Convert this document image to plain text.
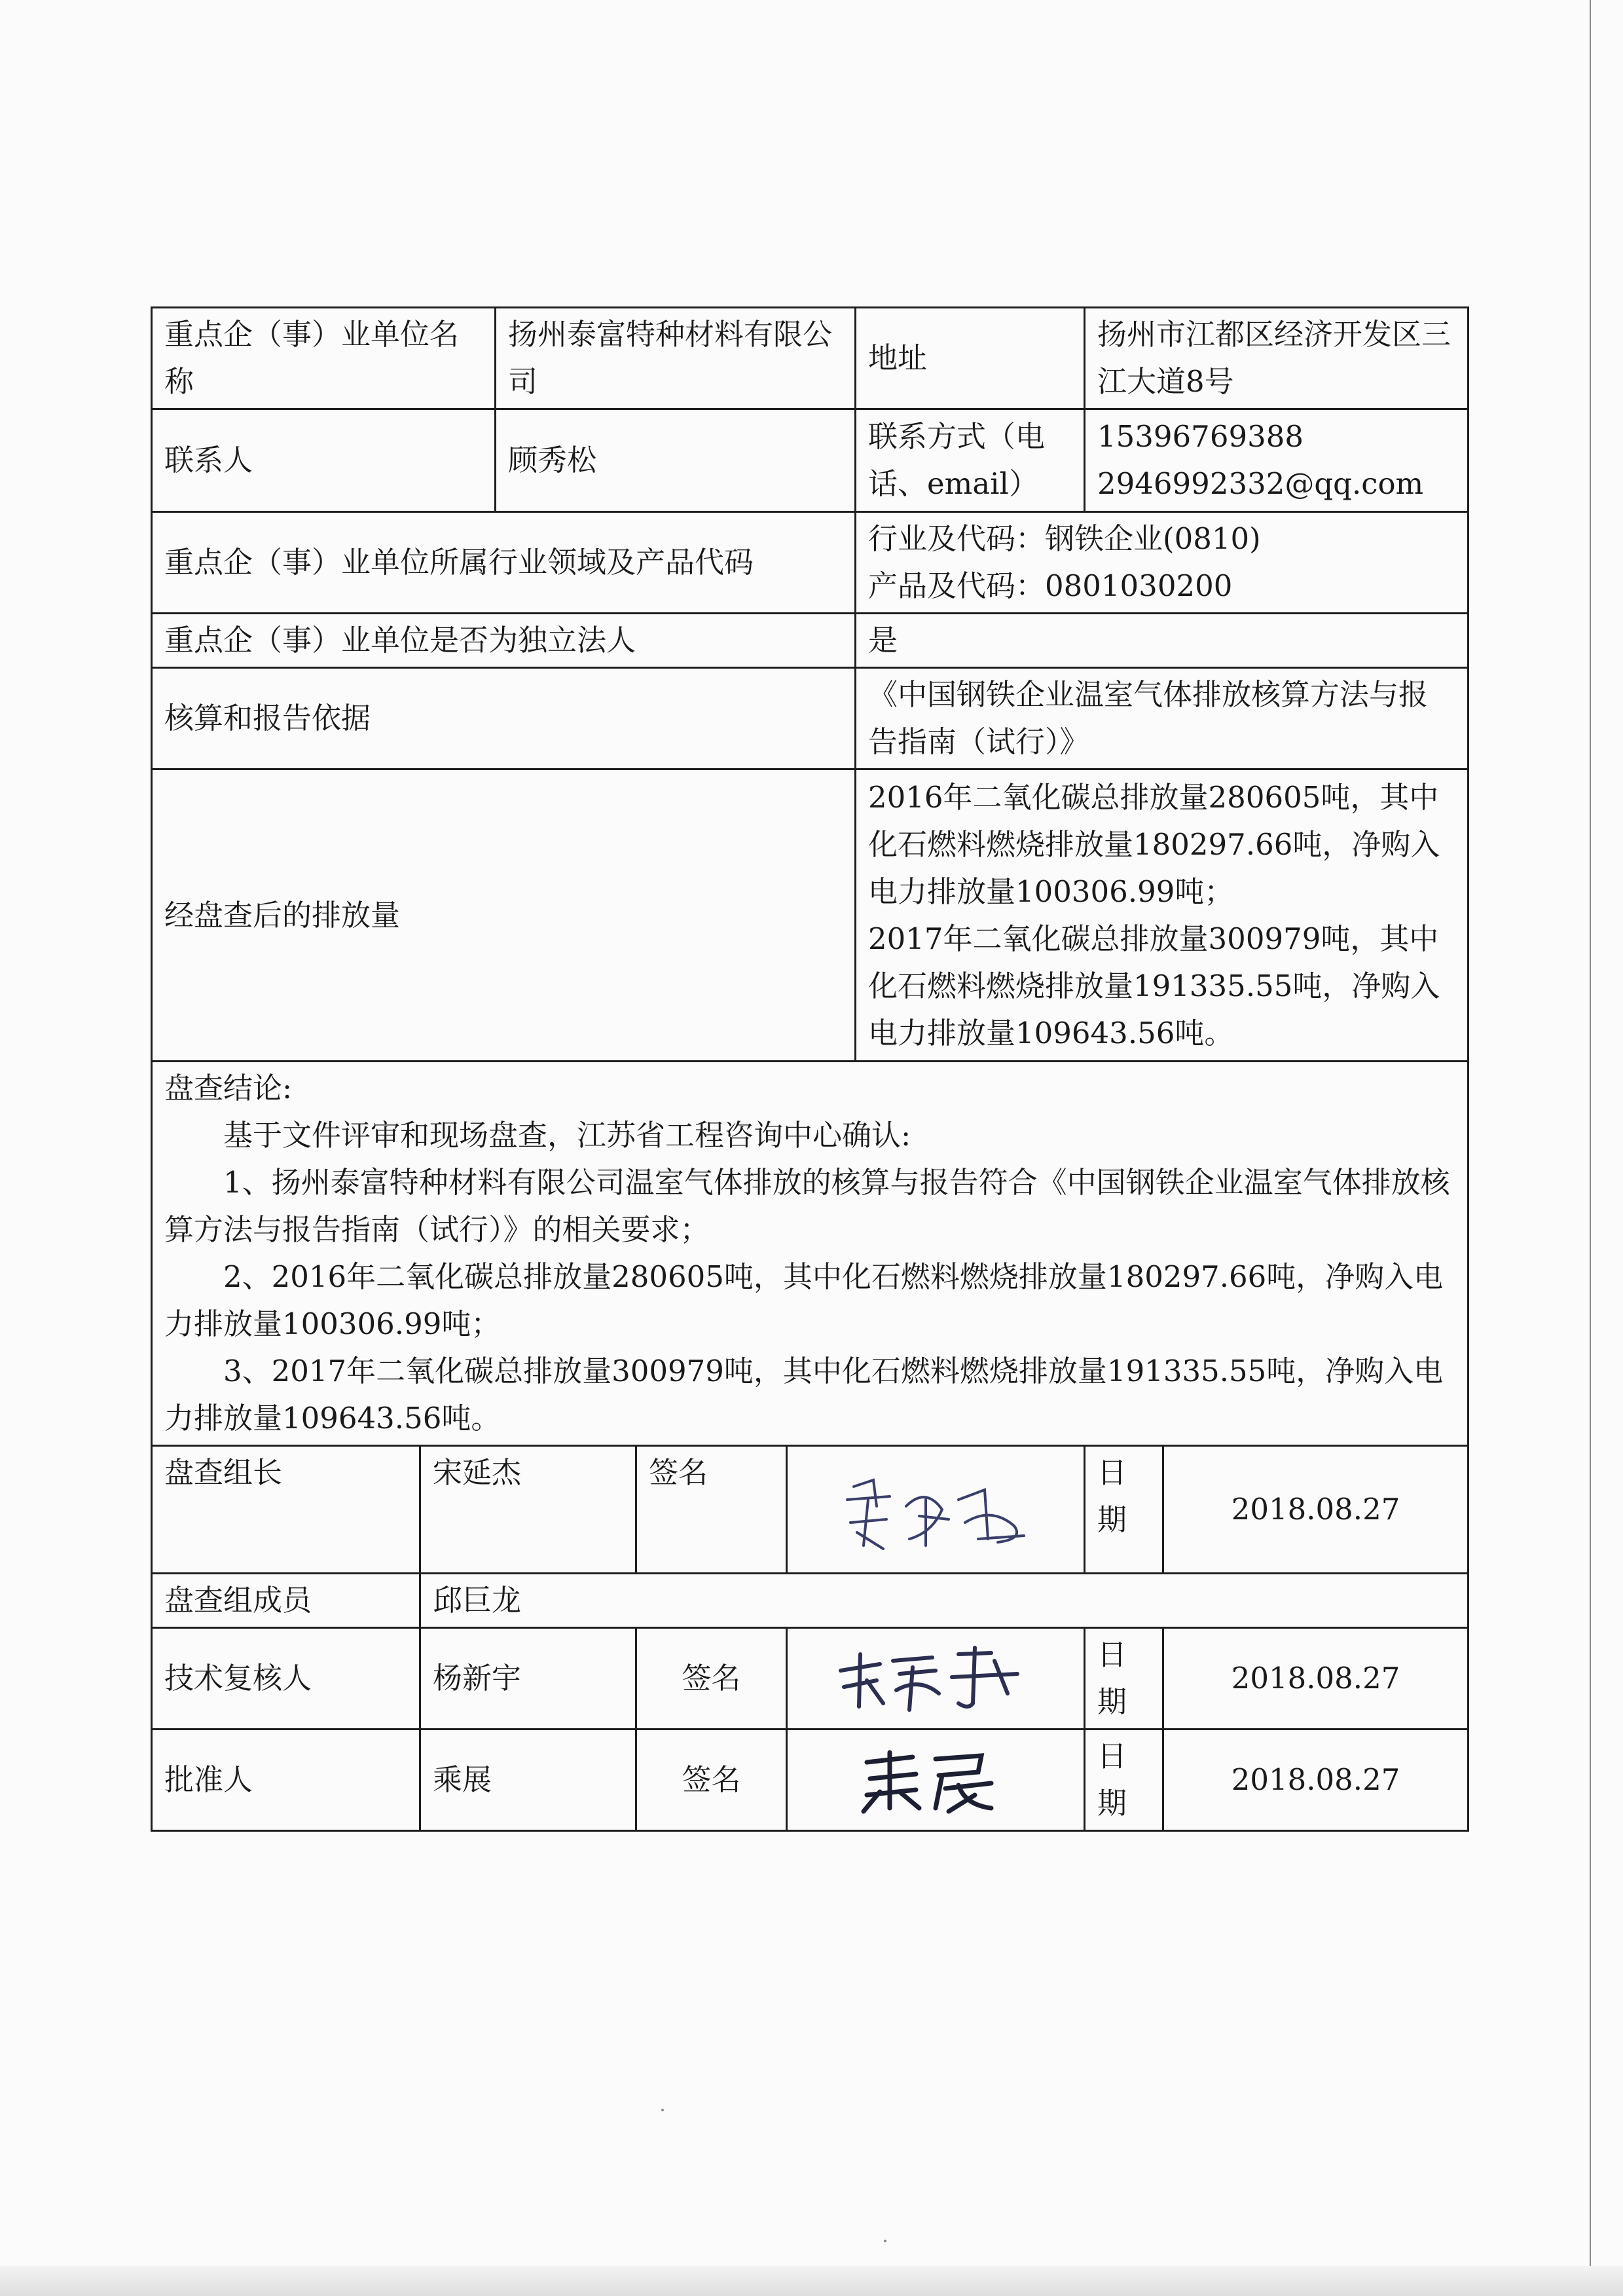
重点企（事）业单位名称		扬州泰富特种材料有限公司			地址	扬州市江都区经济开发区三江大道8号	
联系人		顾秀松			联系方式（电话、email）	15396769388
2946992332@qq.com	

重点企（事）业单位所属行业领域及产品代码					行业及代码：钢铁企业(0810)
产品及代码：0801030200		

重点企（事）业单位是否为独立法人					是		
核算和报告依据					《中国钢铁企业温室气体排放核算方法与报告指南（试行）》		
经盘查后的排放量					2016年二氧化碳总排放量280605吨，其中化石燃料燃烧排放量180297.66吨，净购入电力排放量100306.99吨；
2017年二氧化碳总排放量300979吨，其中化石燃料燃烧排放量191335.55吨，净购入电力排放量109643.56吨。		

盘查结论:
基于文件评审和现场盘查，江苏省工程咨询中心确认:
1、扬州泰富特种材料有限公司温室气体排放的核算与报告符合《中国钢铁企业温室气体排放核算方法与报告指南（试行）》的相关要求；
2、2016年二氧化碳总排放量280605吨，其中化石燃料燃烧排放量180297.66吨，净购入电力排放量100306.99吨；
3、2017年二氧化碳总排放量300979吨，其中化石燃料燃烧排放量191335.55吨，净购入电力排放量109643.56吨。							

盘查组长	宋延杰		签名			日期	2018.08.27
盘查组成员	邱巨龙						
技术复核人	杨新宇		签名			日期	2018.08.27
批准人	乘展		签名			日期	2018.08.27
